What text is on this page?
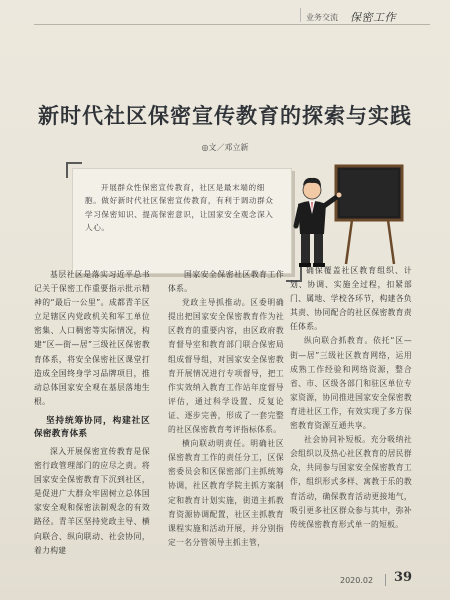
业务交流 保密工作
新时代社区保密宣传教育的探索与实践
◎文／邓立新
开展群众性保密宣传教育，社区是最末端的细胞。做好新时代社区保密宣传教育，有利于调动群众学习保密知识、提高保密意识，让国家安全观念深入人心。

基层社区是落实习近平总书记关于保密工作重要指示批示精神的“最后一公里”。成都青羊区立足辖区内党政机关和军工单位密集、人口稠密等实际情况，构建“区—街—居”三级社区保密教育体系，将安全保密社区课堂打造成全国终身学习品牌项目，推动总体国家安全观在基层落地生根。

坚持统筹协同，构建社区保密教育体系

深入开展保密宣传教育是保密行政管理部门的应尽之责。将国家安全保密教育下沉到社区，是促进广大群众牢固树立总体国家安全观和保密法制观念的有效路径。青羊区坚持党政主导、横向联合、纵向联动、社会协同，着力构建

国家安全保密社区教育工作体系。

党政主导抓推动。区委明确提出把国家安全保密教育作为社区教育的重要内容，由区政府教育督导室和教育部门联合保密局组成督导组，对国家安全保密教育开展情况进行专项督导，把工作实效纳入教育工作站年度督导评估，通过科学设置、反复论证、逐步完善，形成了一套完整的社区保密教育考评指标体系。

横向联动明责任。明确社区保密教育工作的责任分工，区保密委员会和区保密部门主抓统筹协调，社区教育学院主抓方案制定和教育计划实施，街道主抓教育资源协调配置，社区主抓教育课程实施和活动开展，并分别指定一名分管领导主抓主管，

确保覆盖社区教育组织、计划、协调、实施全过程，扣紧部门、属地、学校各环节，构建各负其责、协同配合的社区保密教育责任体系。

纵向联合抓教育。依托“区—街—居”三级社区教育网络，运用成熟工作经验和网络资源，整合省、市、区级各部门和驻区单位专家资源，协同推进国家安全保密教育进社区工作，有效实现了多方保密教育资源互通共享。

社会协同补短板。充分吸纳社会组织以及热心社区教育的居民群众，共同参与国家安全保密教育工作，组织形式多样、寓教于乐的教育活动，确保教育活动更接地气，吸引更多社区群众参与其中，弥补传统保密教育形式单一的短板。

2020.02 39
